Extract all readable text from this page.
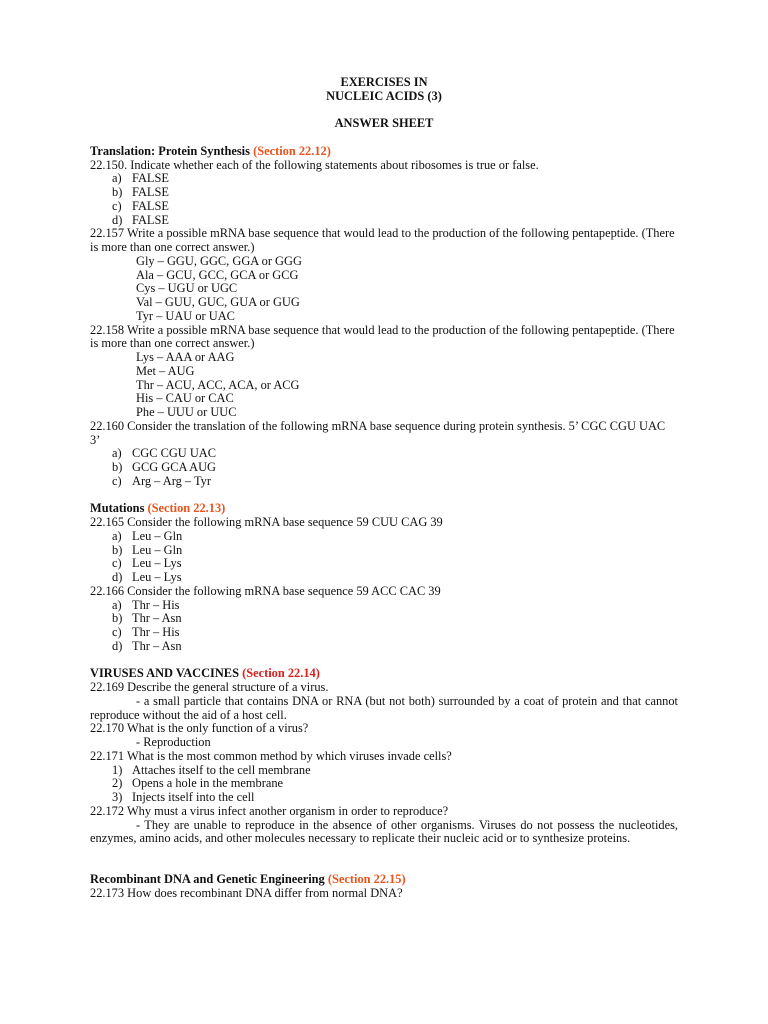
EXERCISES IN
NUCLEIC ACIDS (3)
ANSWER SHEET
Translation: Protein Synthesis (Section 22.12)
22.150. Indicate whether each of the following statements about ribosomes is true or false.
a) FALSE
b) FALSE
c) FALSE
d) FALSE
22.157 Write a possible mRNA base sequence that would lead to the production of the following pentapeptide. (There is more than one correct answer.)
Gly – GGU, GGC, GGA or GGG
Ala – GCU, GCC, GCA or GCG
Cys – UGU or UGC
Val – GUU, GUC, GUA or GUG
Tyr – UAU or UAC
22.158 Write a possible mRNA base sequence that would lead to the production of the following pentapeptide. (There is more than one correct answer.)
Lys – AAA or AAG
Met – AUG
Thr – ACU, ACC, ACA, or ACG
His – CAU or CAC
Phe – UUU or UUC
22.160 Consider the translation of the following mRNA base sequence during protein synthesis. 5’ CGC CGU UAC 3’
a) CGC CGU UAC
b) GCG GCA AUG
c) Arg – Arg – Tyr
Mutations (Section 22.13)
22.165 Consider the following mRNA base sequence 59 CUU CAG 39
a) Leu – Gln
b) Leu – Gln
c) Leu – Lys
d) Leu – Lys
22.166 Consider the following mRNA base sequence 59 ACC CAC 39
a) Thr – His
b) Thr – Asn
c) Thr – His
d) Thr – Asn
VIRUSES AND VACCINES (Section 22.14)
22.169 Describe the general structure of a virus.
- a small particle that contains DNA or RNA (but not both) surrounded by a coat of protein and that cannot reproduce without the aid of a host cell.
22.170 What is the only function of a virus?
- Reproduction
22.171 What is the most common method by which viruses invade cells?
1) Attaches itself to the cell membrane
2) Opens a hole in the membrane
3) Injects itself into the cell
22.172 Why must a virus infect another organism in order to reproduce?
- They are unable to reproduce in the absence of other organisms. Viruses do not possess the nucleotides, enzymes, amino acids, and other molecules necessary to replicate their nucleic acid or to synthesize proteins.
Recombinant DNA and Genetic Engineering (Section 22.15)
22.173 How does recombinant DNA differ from normal DNA?
